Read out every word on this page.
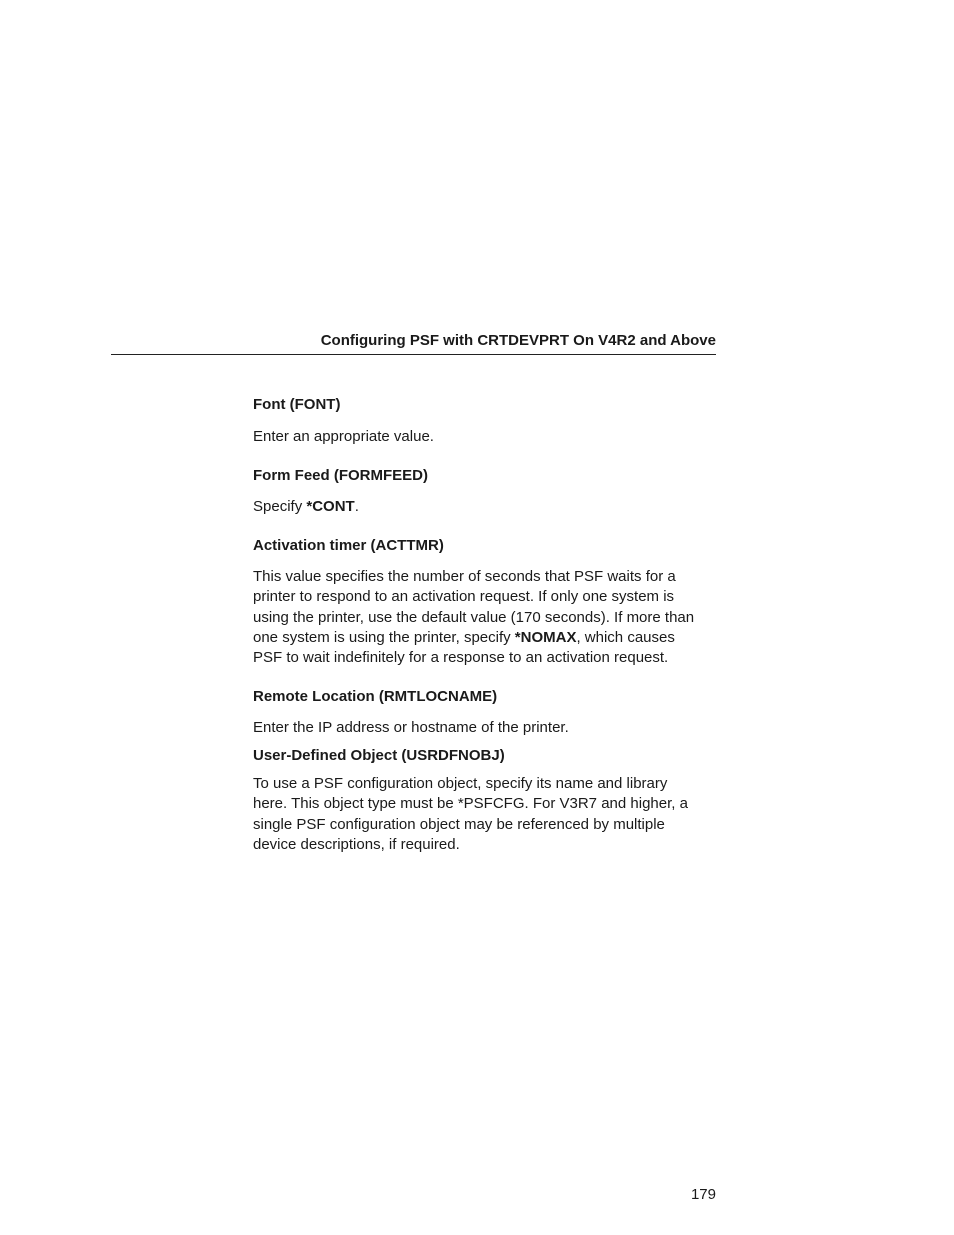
Configuring PSF with CRTDEVPRT On V4R2 and Above
Font (FONT)

Enter an appropriate value.

Form Feed (FORMFEED)

Specify *CONT.

Activation timer (ACTTMR)

This value specifies the number of seconds that PSF waits for a
printer to respond to an activation request. If only one system is
using the printer, use the default value (170 seconds). If more than
one system is using the printer, specify *NOMAX, which causes
PSF to wait indefinitely for a response to an activation request.

Remote Location (RMTLOCNAME)

Enter the IP address or hostname of the printer.

User-Defined Object (USRDFNOBJ)

To use a PSF configuration object, specify its name and library
here. This object type must be *PSFCFG. For V3R7 and higher, a
single PSF configuration object may be referenced by multiple
device descriptions, if required.

179
